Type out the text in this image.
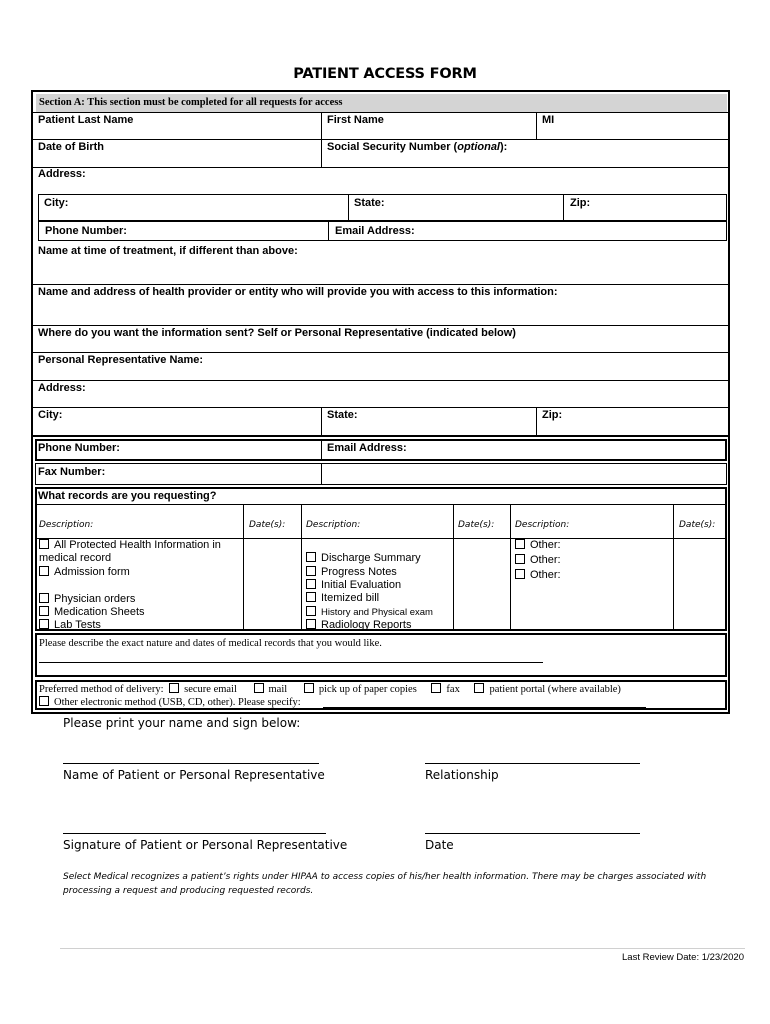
PATIENT ACCESS FORM
Section A: This section must be completed for all requests for access
Patient Last Name	First Name	MI
Date of Birth	Social Security Number (optional):
Address:
City:	State:	Zip:
Phone Number:	Email Address:
Name at time of treatment, if different than above:
Name and address of health provider or entity who will provide you with access to this information:
Where do you want the information sent? Self or Personal Representative (indicated below)
Personal Representative Name:
Address:
City:	State:	Zip:
Phone Number:	Email Address:
Fax Number:
What records are you requesting?
Description:	Date(s): Description:	Date(s): Description:	Date(s):
All Protected Health Information in
medical record
Admission form
Physician orders
Medication Sheets
Lab Tests
Discharge Summary
Progress Notes
Initial Evaluation
Itemized bill
History and Physical exam
Radiology Reports
Other:
Other:
Other:
Please describe the exact nature and dates of medical records that you would like.
Preferred method of delivery: secure email	mail	pick up of paper copies	fax	patient portal (where available)
Other electronic method (USB, CD, other). Please specify:
Please print your name and sign below:
Name of Patient or Personal Representative	Relationship
Signature of Patient or Personal Representative	Date
Select Medical recognizes a patient’s rights under HIPAA to access copies of his/her health information. There may be charges associated with processing a request and producing requested records.
Last Review Date: 1/23/2020
